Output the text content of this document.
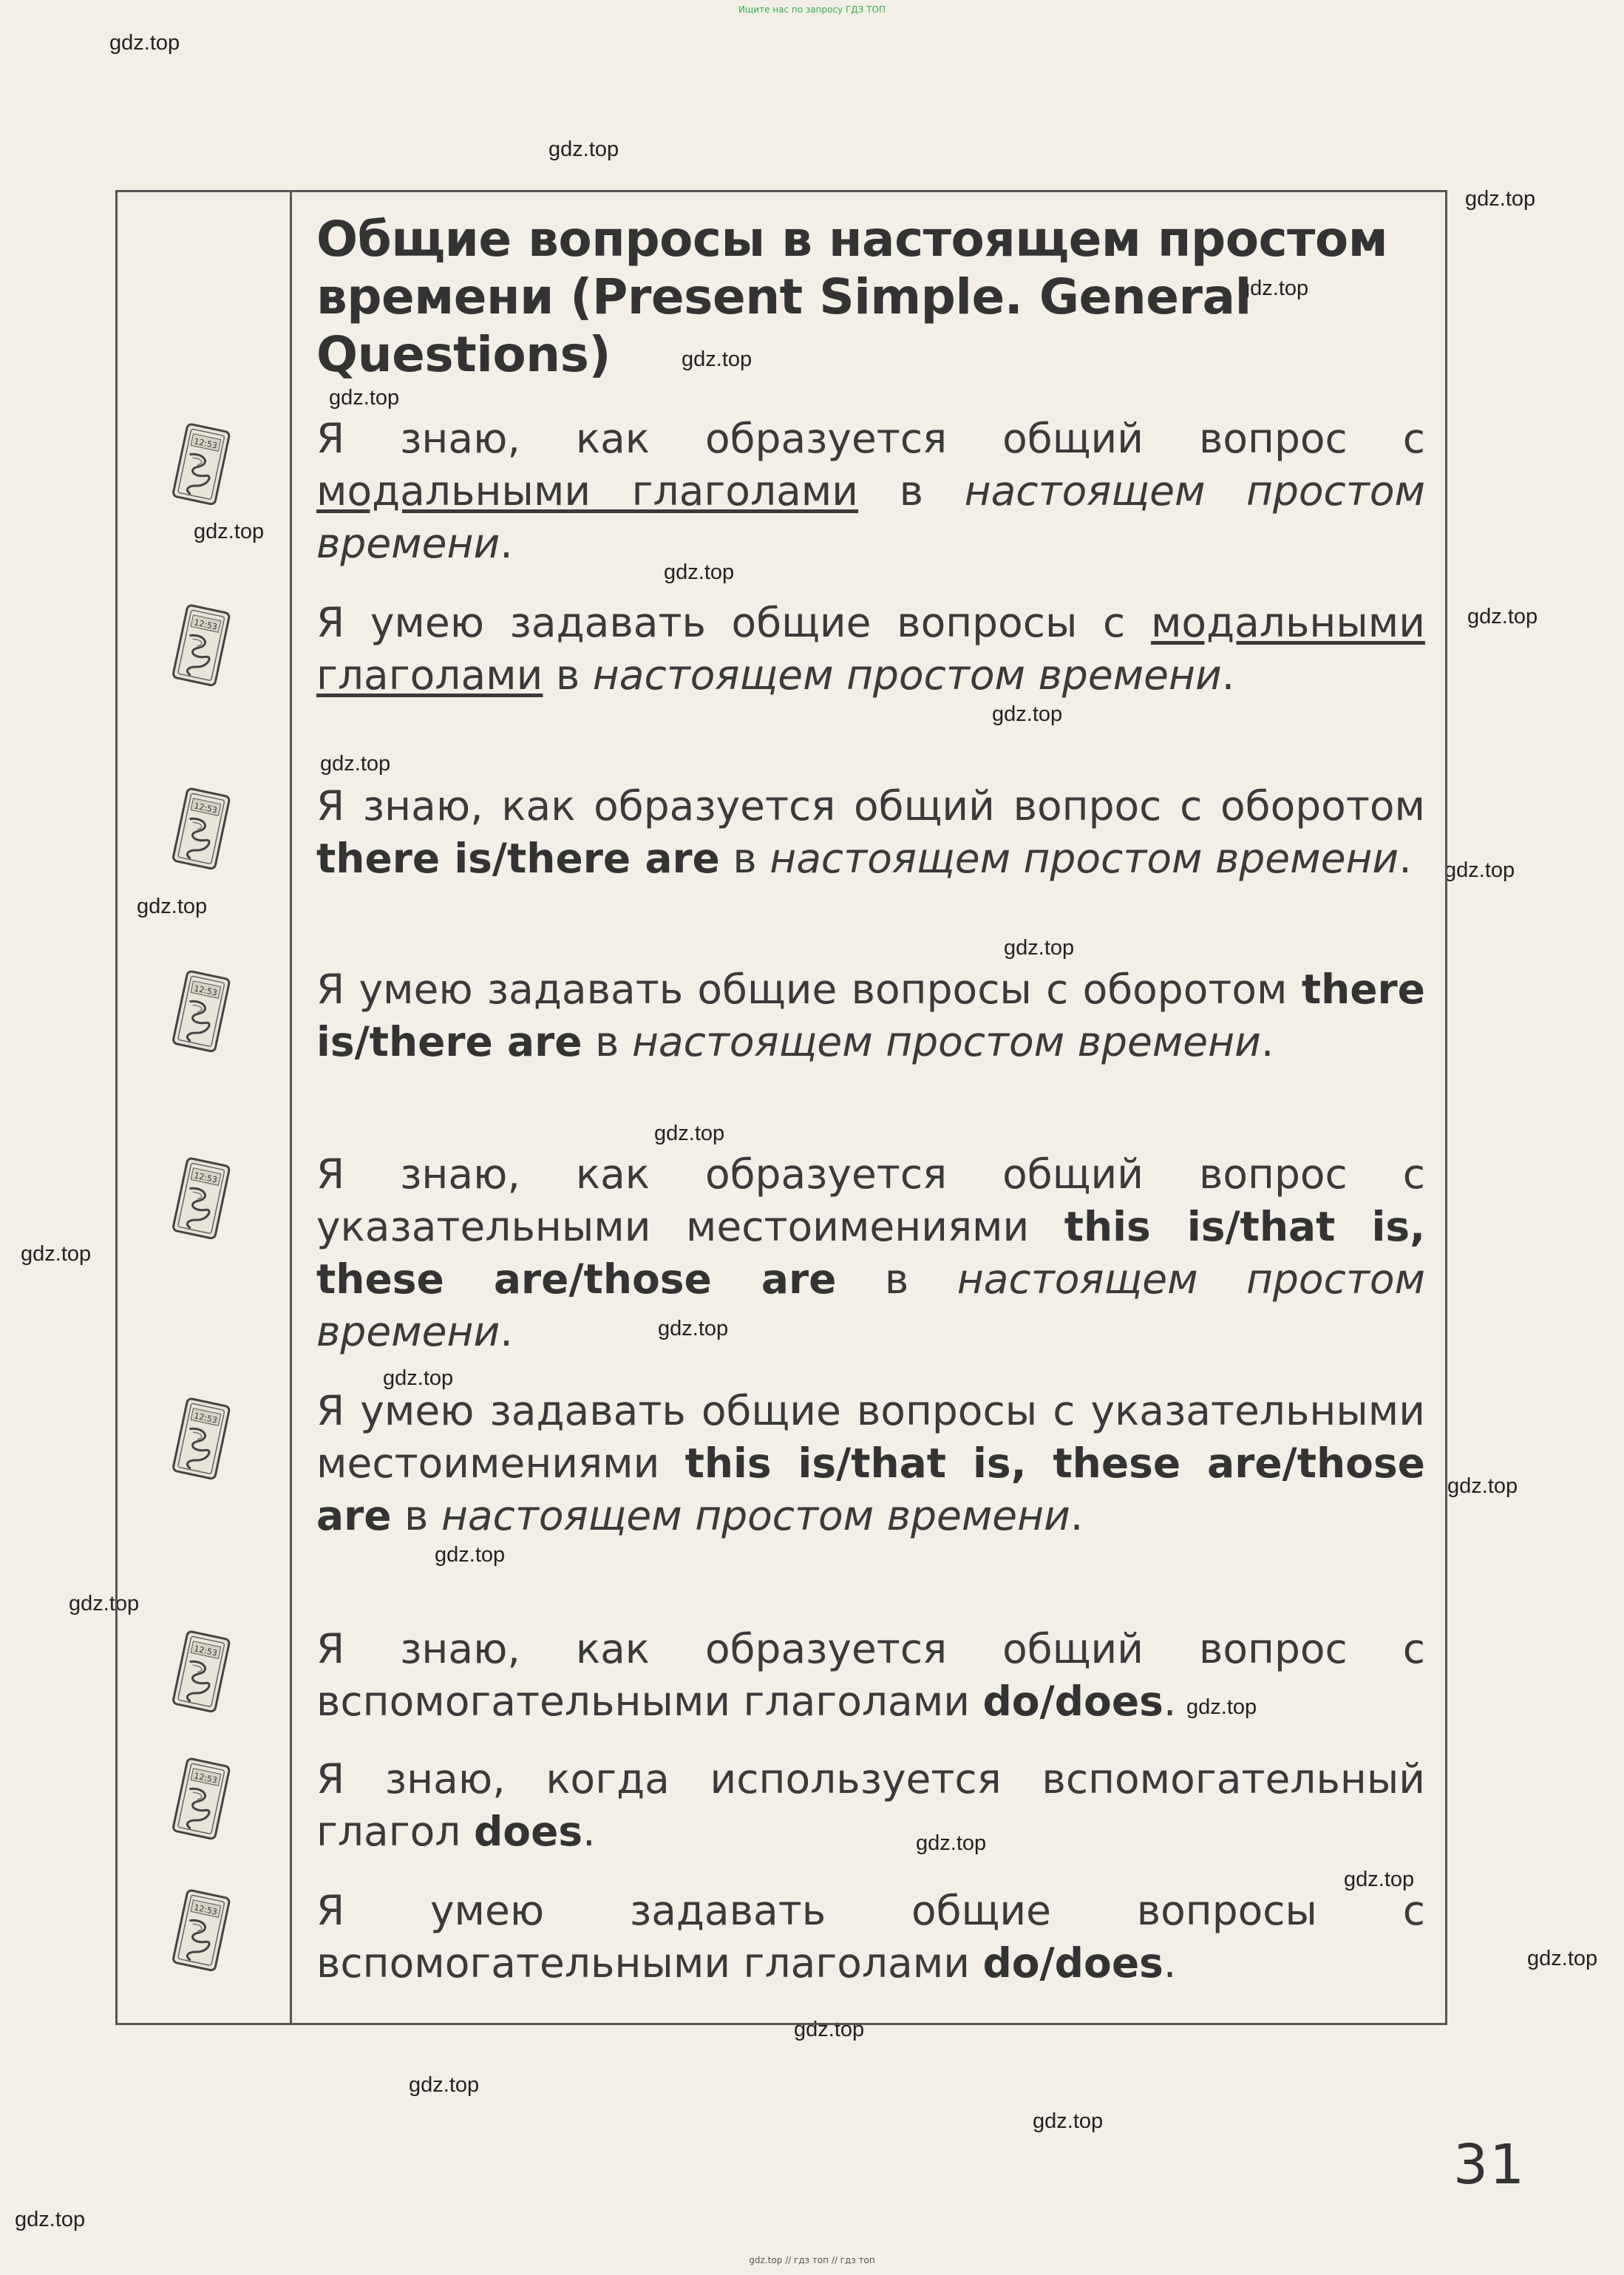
Ищите нас по запросу ГДЗ ТОП
gdz.top
gdz.top
gdz.top
gdz.top
gdz.top
gdz.top
gdz.top
gdz.top
gdz.top
gdz.top
gdz.top
gdz.top
gdz.top
gdz.top
gdz.top
gdz.top
gdz.top
gdz.top
gdz.top
gdz.top
gdz.top
gdz.top
gdz.top
gdz.top
gdz.top
gdz.top
gdz.top
gdz.top
gdz.top
Общие вопросы в настоящем простом времени (Present Simple. General Questions)
12:53
12:53
12:53
12:53
12:53
12:53
12:53
12:53
12:53
Я знаю, как образуется общий вопрос с модальными глаголами в настоящем простом времени.
Я умею задавать общие вопросы с модальными глаголами в настоящем простом времени.
Я знаю, как образуется общий вопрос с оборотом there is/there are в настоящем простом времени.
Я умею задавать общие вопросы с оборотом there is/there are в настоящем простом времени.
Я знаю, как образуется общий вопрос с указательными местоимениями this is/that is, these are/those are в настоящем простом времени.
Я умею задавать общие вопросы с указательными местоимениями this is/that is, these are/those are в настоящем простом времени.
Я знаю, как образуется общий вопрос с вспомогательными глаголами do/does.
Я знаю, когда используется вспомогательный глагол does.
Я умею задавать общие вопросы с вспомогательными глаголами do/does.
31
gdz.top // гдз топ // гдз топ
